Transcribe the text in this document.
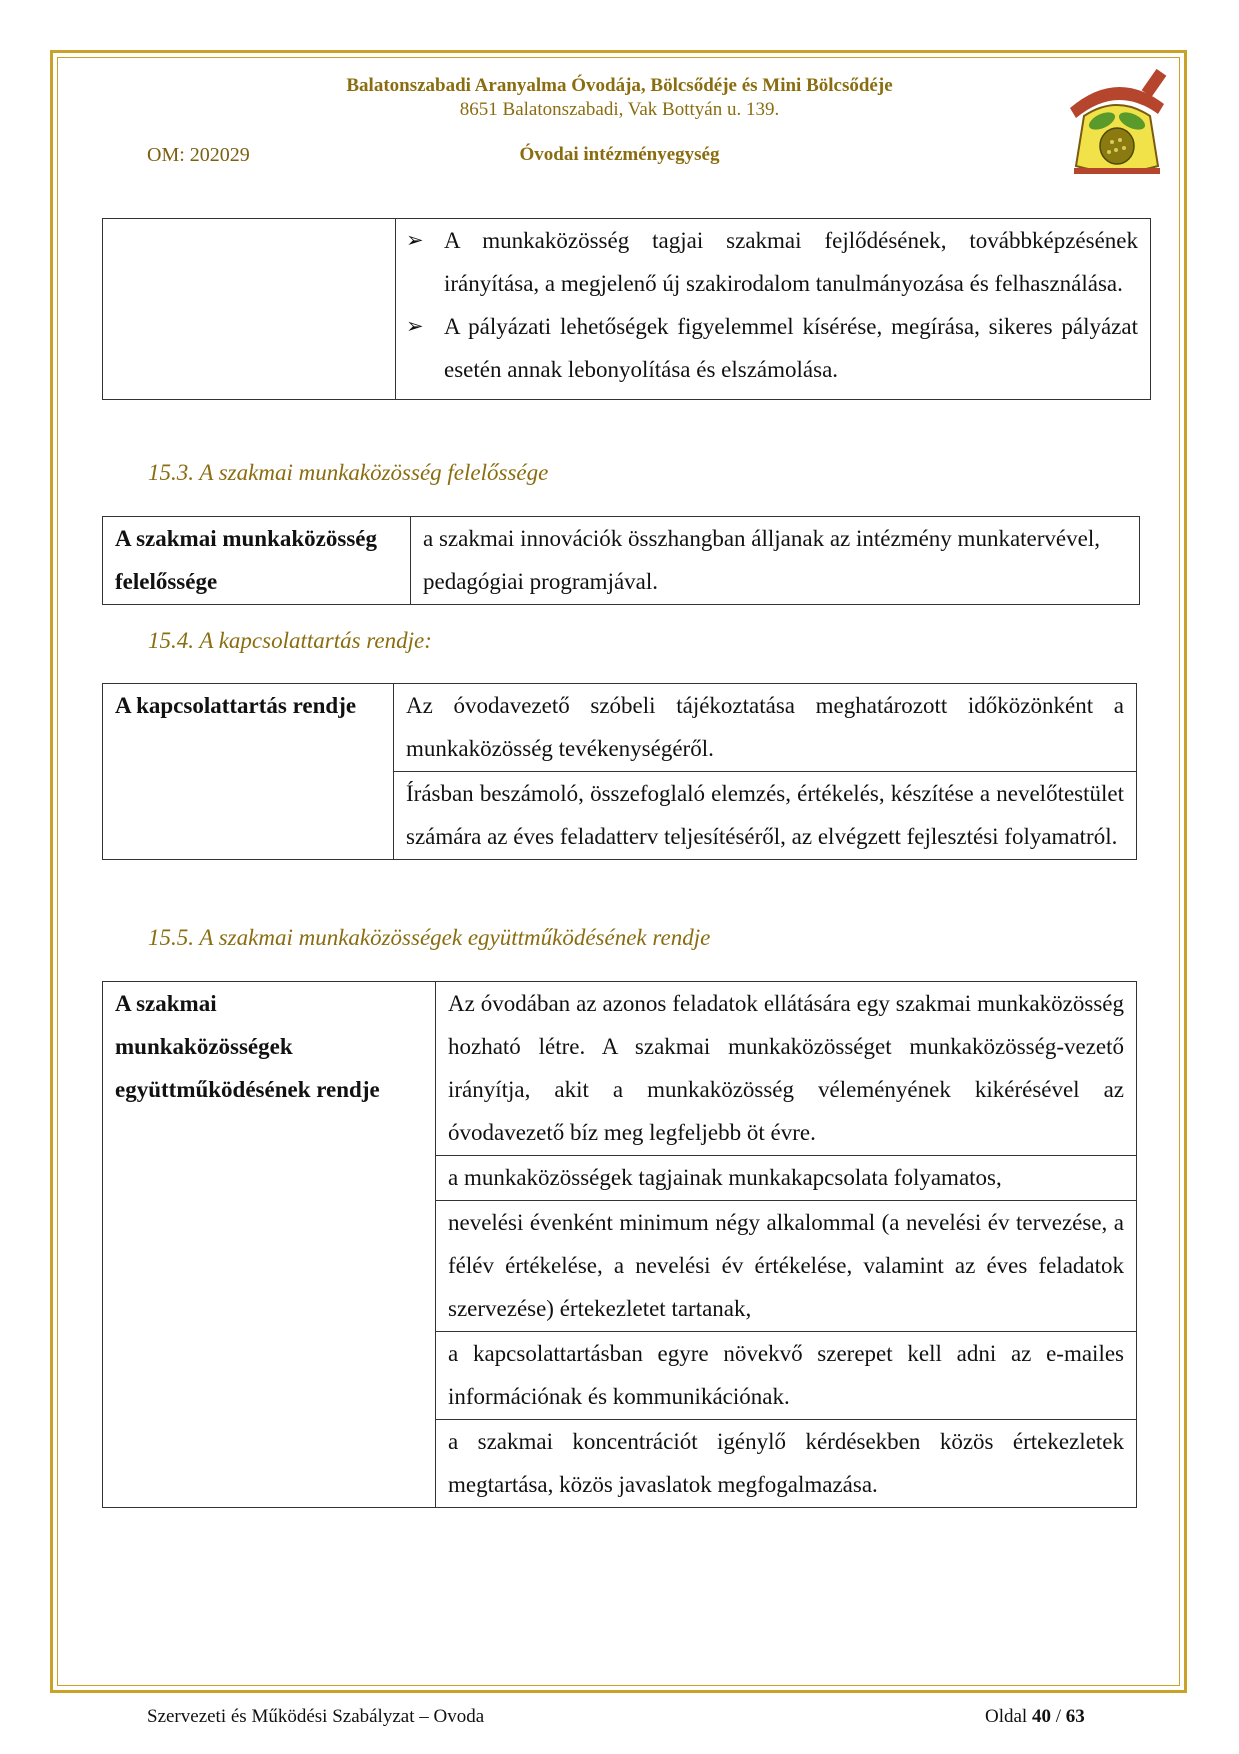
Balatonszabadi Aranyalma Óvodája, Bölcsődéje és Mini Bölcsődéje
8651 Balatonszabadi, Vak Bottyán u. 139.
OM: 202029	Óvodai intézményegység

➢ A munkaközösség tagjai szakmai fejlődésének, továbbképzésének irányítása, a megjelenő új szakirodalom tanulmányozása és felhasználása.
➢ A pályázati lehetőségek figyelemmel kísérése, megírása, sikeres pályázat esetén annak lebonyolítása és elszámolása.
15.3. A szakmai munkaközösség felelőssége
A szakmai munkaközösség felelőssége	a szakmai innovációk összhangban álljanak az intézmény munkatervével, pedagógiai programjával.
15.4. A kapcsolattartás rendje:
A kapcsolattartás rendje	Az óvodavezető szóbeli tájékoztatása meghatározott időközönként a munkaközösség tevékenységéről.
Írásban beszámoló, összefoglaló elemzés, értékelés, készítése a nevelőtestület számára az éves feladatterv teljesítéséről, az elvégzett fejlesztési folyamatról.
15.5. A szakmai munkaközösségek együttműködésének rendje
A szakmai munkaközösségek együttműködésének rendje	Az óvodában az azonos feladatok ellátására egy szakmai munkaközösség hozható létre. A szakmai munkaközösséget munkaközösség-vezető irányítja, akit a munkaközösség véleményének kikérésével az óvodavezető bíz meg legfeljebb öt évre.
a munkaközösségek tagjainak munkakapcsolata folyamatos,
nevelési évenként minimum négy alkalommal (a nevelési év tervezése, a félév értékelése, a nevelési év értékelése, valamint az éves feladatok szervezése) értekezletet tartanak,
a kapcsolattartásban egyre növekvő szerepet kell adni az e-mailes információnak és kommunikációnak.
a szakmai koncentrációt igénylő kérdésekben közös értekezletek megtartása, közös javaslatok megfogalmazása.
Szervezeti és Működési Szabályzat – Ovoda	Oldal 40 / 63
